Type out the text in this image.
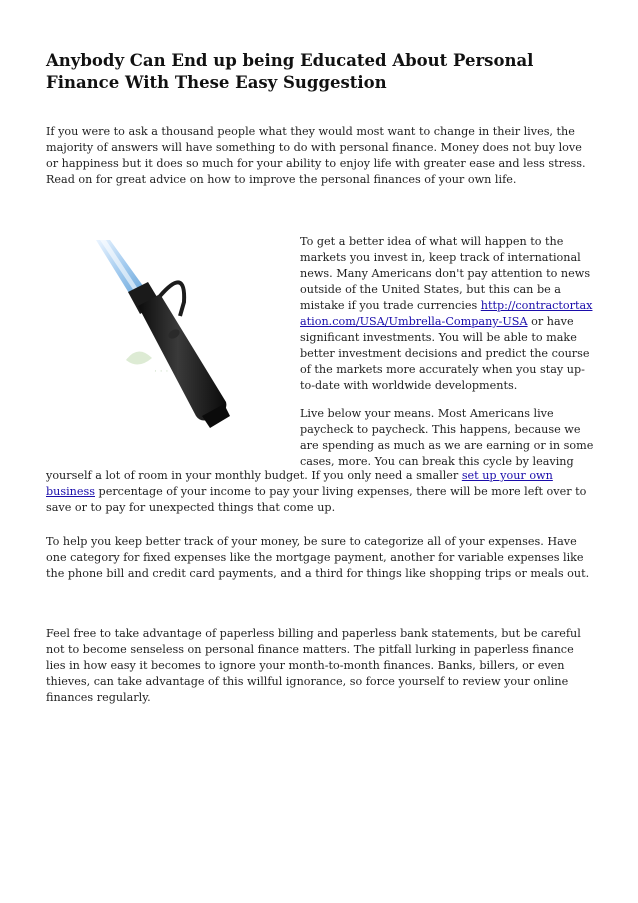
Anybody Can End up being Educated About Personal Finance With These Easy Suggestion

If you were to ask a thousand people what they would most want to change in their lives, the majority of answers will have something to do with personal finance. Money does not buy love or happiness but it does so much for your ability to enjoy life with greater ease and less stress. Read on for great advice on how to improve the personal finances of your own life.

· · ·

To get a better idea of what will happen to the markets you invest in, keep track of international news. Many Americans don't pay attention to news outside of the United States, but this can be a mistake if you trade currencies http://contractortaxation.com/USA/Umbrella-Company-USA or have significant investments. You will be able to make better investment decisions and predict the course of the markets more accurately when you stay up-to-date with worldwide developments.

Live below your means. Most Americans live paycheck to paycheck. This happens, because we are spending as much as we are earning or in some cases, more. You can break this cycle by leaving

yourself a lot of room in your monthly budget. If you only need a smaller set up your own business percentage of your income to pay your living expenses, there will be more left over to save or to pay for unexpected things that come up.

To help you keep better track of your money, be sure to categorize all of your expenses. Have one category for fixed expenses like the mortgage payment, another for variable expenses like the phone bill and credit card payments, and a third for things like shopping trips or meals out.

Feel free to take advantage of paperless billing and paperless bank statements, but be careful not to become senseless on personal finance matters. The pitfall lurking in paperless finance lies in how easy it becomes to ignore your month-to-month finances. Banks, billers, or even thieves, can take advantage of this willful ignorance, so force yourself to review your online finances regularly.
